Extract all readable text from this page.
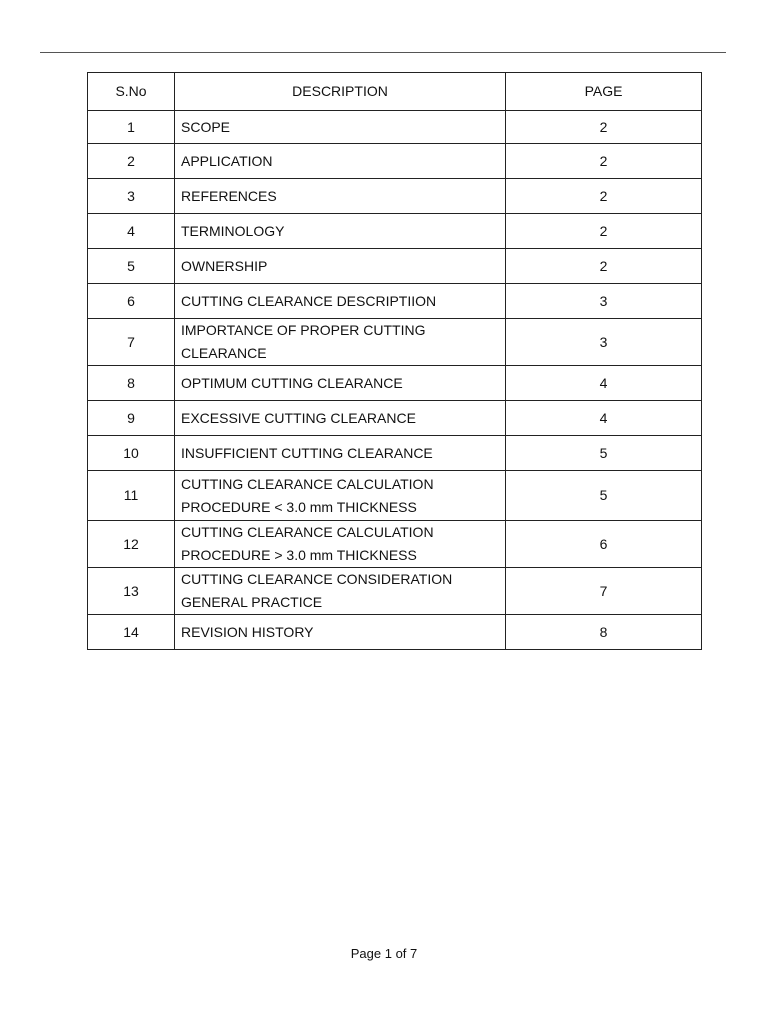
S.No	DESCRIPTION	PAGE
1	SCOPE	2
2	APPLICATION	2
3	REFERENCES	2
4	TERMINOLOGY	2
5	OWNERSHIP	2
6	CUTTING CLEARANCE DESCRIPTIION	3
7	IMPORTANCE OF PROPER CUTTING CLEARANCE	3
8	OPTIMUM CUTTING CLEARANCE	4
9	EXCESSIVE CUTTING CLEARANCE	4
10	INSUFFICIENT CUTTING CLEARANCE	5
11	CUTTING CLEARANCE CALCULATION PROCEDURE < 3.0 mm THICKNESS	5
12	CUTTING CLEARANCE CALCULATION PROCEDURE > 3.0 mm THICKNESS	6
13	CUTTING CLEARANCE CONSIDERATION GENERAL PRACTICE	7
14	REVISION HISTORY	8
Page 1 of 7
